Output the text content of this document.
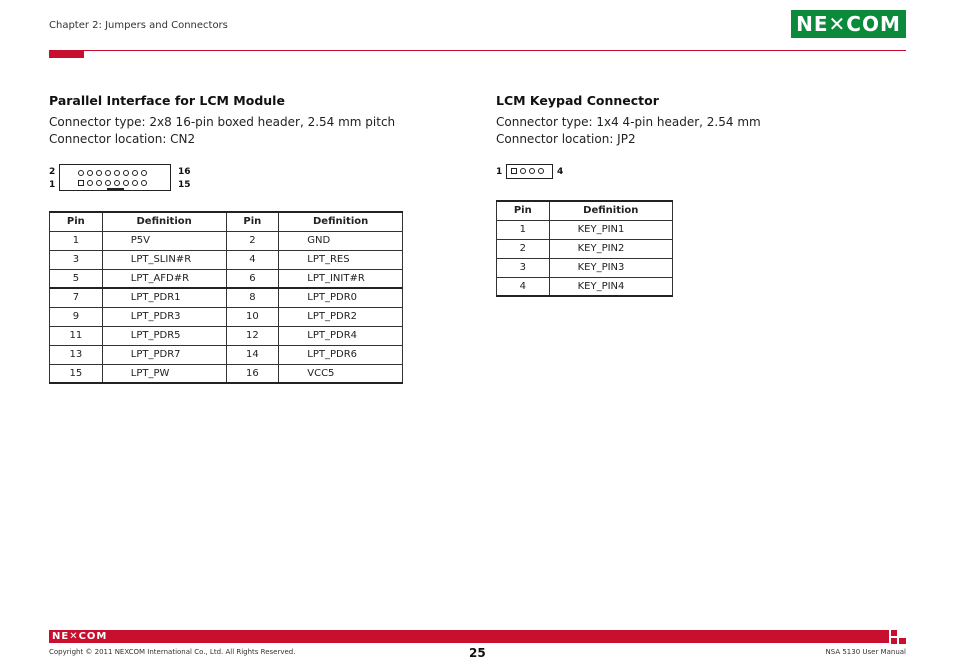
Chapter 2: Jumpers and Connectors	NE✕COM
Parallel Interface for LCM Module
Connector type: 2x8 16-pin boxed header, 2.54 mm pitch
Connector location: CN2
2
1
16
15
Pin	Definition	Pin	Definition
1	P5V	2	GND
3	LPT_SLIN#R	4	LPT_RES
5	LPT_AFD#R	6	LPT_INIT#R
7	LPT_PDR1	8	LPT_PDR0
9	LPT_PDR3	10	LPT_PDR2
11	LPT_PDR5	12	LPT_PDR4
13	LPT_PDR7	14	LPT_PDR6
15	LPT_PW	16	VCC5
LCM Keypad Connector
Connector type: 1x4 4-pin header, 2.54 mm
Connector location: JP2
1	4
Pin	Definition
1	KEY_PIN1
2	KEY_PIN2
3	KEY_PIN3
4	KEY_PIN4
NE✕COM
Copyright © 2011 NEXCOM International Co., Ltd. All Rights Reserved.	25	NSA 5130 User Manual
